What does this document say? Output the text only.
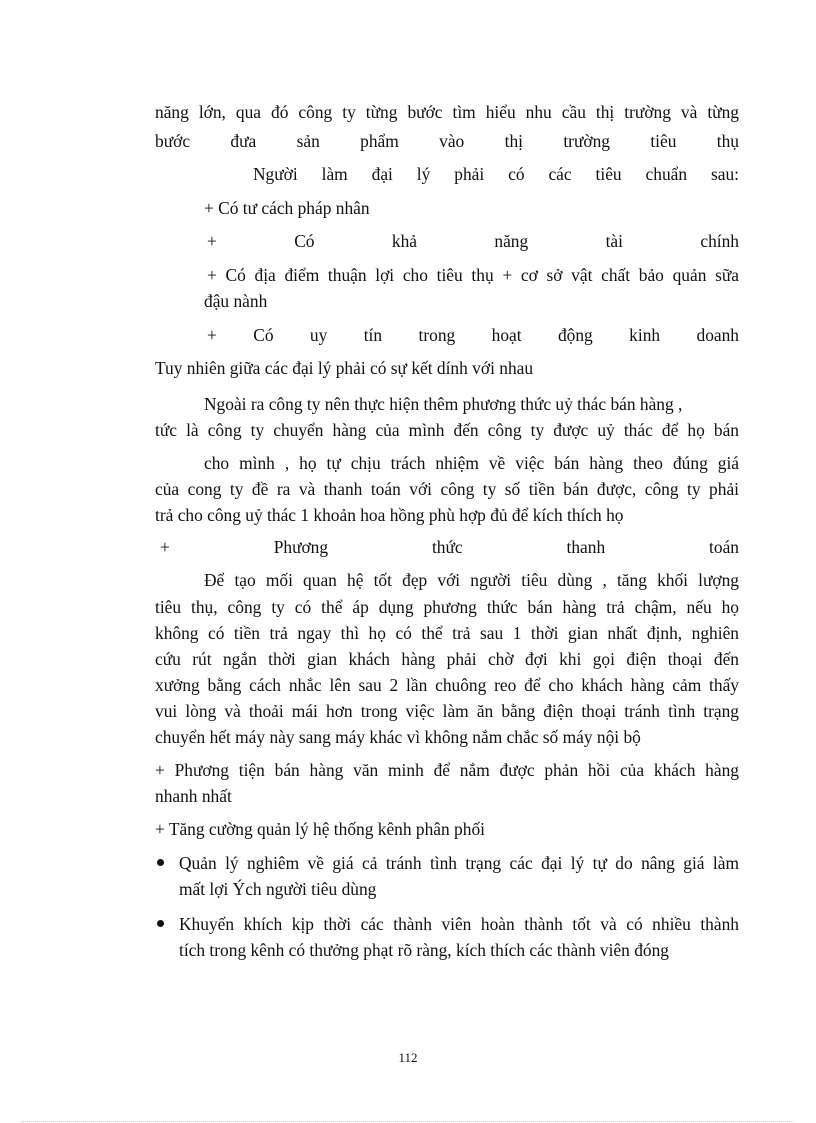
năng lớn, qua đó công ty từng bước tìm hiểu nhu cầu thị trường và từng
bước đưa sản phẩm vào thị trường tiêu thụ
Người làm đại lý phải có các tiêu chuẩn sau:
+ Có tư cách pháp nhân
+ Có khả năng tài chính
+ Có địa điểm thuận lợi cho tiêu thụ + cơ sở vật chất bảo quản sữa
đậu nành
+ Có uy tín trong hoạt động kinh doanh
Tuy nhiên giữa các đại lý phải có sự kết dính với nhau
Ngoài ra công ty nên thực hiện thêm phương thức uỷ thác bán hàng ,
tức là công ty chuyển hàng của mình đến công ty được uỷ thác để họ bán
cho mình , họ tự chịu trách nhiệm về việc bán hàng theo đúng giá
của cong ty đề ra và thanh toán với công ty số tiền bán được, công ty phải
trả cho công uỷ thác 1 khoản hoa hồng phù hợp đủ để kích thích họ
+ Phương thức thanh toán
Để tạo mối quan hệ tốt đẹp với người tiêu dùng , tăng khối lượng
tiêu thụ, công ty có thể áp dụng phương thức bán hàng trả chậm, nếu họ
không có tiền trả ngay thì họ có thể trả sau 1 thời gian nhất định, nghiên
cứu rút ngắn thời gian khách hàng phải chờ đợi khi gọi điện thoại đến
xưởng bằng cách nhắc lên sau 2 lần chuông reo để cho khách hàng cảm thấy
vui lòng và thoải mái hơn trong việc làm ăn bằng điện thoại tránh tình trạng
chuyển hết máy này sang máy khác vì không nắm chắc số máy nội bộ
+ Phương tiện bán hàng văn minh để nắm được phản hồi của khách hàng
nhanh nhất
+ Tăng cường quản lý hệ thống kênh phân phối
Quản lý nghiêm về giá cả tránh tình trạng các đại lý tự do nâng giá làm
mất lợi Ých người tiêu dùng
Khuyến khích kịp thời các thành viên hoàn thành tốt và có nhiều thành
tích trong kênh có thưởng phạt rõ ràng, kích thích các thành viên đóng
112
